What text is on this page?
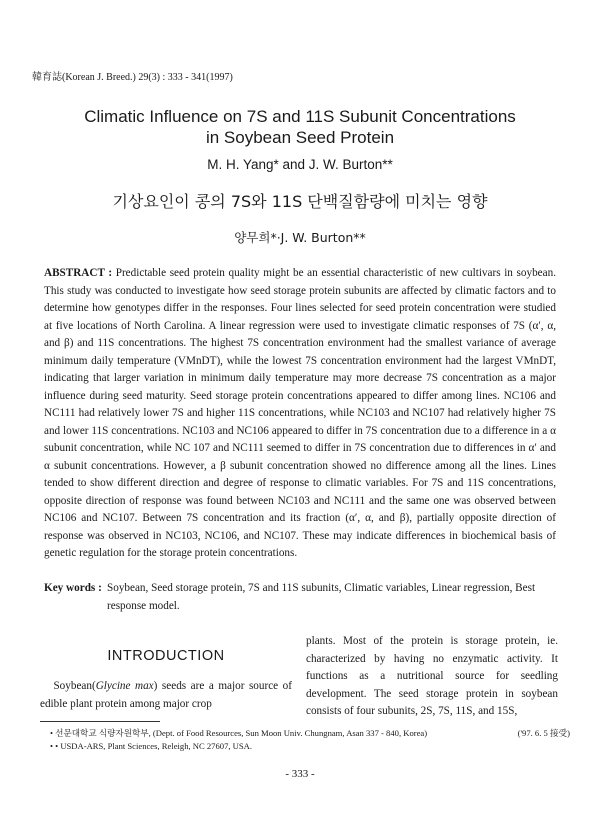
韓育誌(Korean J. Breed.) 29(3) : 333 - 341(1997)
Climatic Influence on 7S and 11S Subunit Concentrations
in Soybean Seed Protein
M. H. Yang* and J. W. Burton**
기상요인이 콩의 7S와 11S 단백질함량에 미치는 영향
양무희*·J. W. Burton**
ABSTRACT : Predictable seed protein quality might be an essential characteristic of new cultivars in soybean. This study was conducted to investigate how seed storage protein subunits are affected by climatic factors and to determine how genotypes differ in the responses. Four lines selected for seed protein concentration were studied at five locations of North Carolina. A linear regression were used to investigate climatic responses of 7S (α′, α, and β) and 11S concentrations. The highest 7S concentration environment had the smallest variance of average minimum daily temperature (VMnDT), while the lowest 7S concentration environment had the largest VMnDT, indicating that larger variation in minimum daily temperature may more decrease 7S concentration as a major influence during seed maturity. Seed storage protein concentrations appeared to differ among lines. NC106 and NC111 had relatively lower 7S and higher 11S concentrations, while NC103 and NC107 had relatively higher 7S and lower 11S concentrations. NC103 and NC106 appeared to differ in 7S concentration due to a difference in a α subunit concentration, while NC 107 and NC111 seemed to differ in 7S concentration due to differences in α′ and α subunit concentrations. However, a β subunit concentration showed no difference among all the lines. Lines tended to show different direction and degree of response to climatic variables. For 7S and 11S concentrations, opposite direction of response was found between NC103 and NC111 and the same one was observed between NC106 and NC107. Between 7S concentration and its fraction (α′, α, and β), partially opposite direction of response was observed in NC103, NC106, and NC107. These may indicate differences in biochemical basis of genetic regulation for the storage protein concentrations.
Key words : Soybean, Seed storage protein, 7S and 11S subunits, Climatic variables, Linear regression, Best response model.
INTRODUCTION
Soybean(Glycine max) seeds are a major source of edible plant protein among major crop
plants. Most of the protein is storage protein, ie. characterized by having no enzymatic activity. It functions as a nutritional source for seedling development. The seed storage protein in soybean consists of four subunits, 2S, 7S, 11S, and 15S,
• 선문대학교 식량자원학부, (Dept. of Food Resources, Sun Moon Univ. Chungnam, Asan 337 - 840, Korea)	('97. 6. 5 接受)
• • USDA-ARS, Plant Sciences, Releigh, NC 27607, USA.
- 333 -
